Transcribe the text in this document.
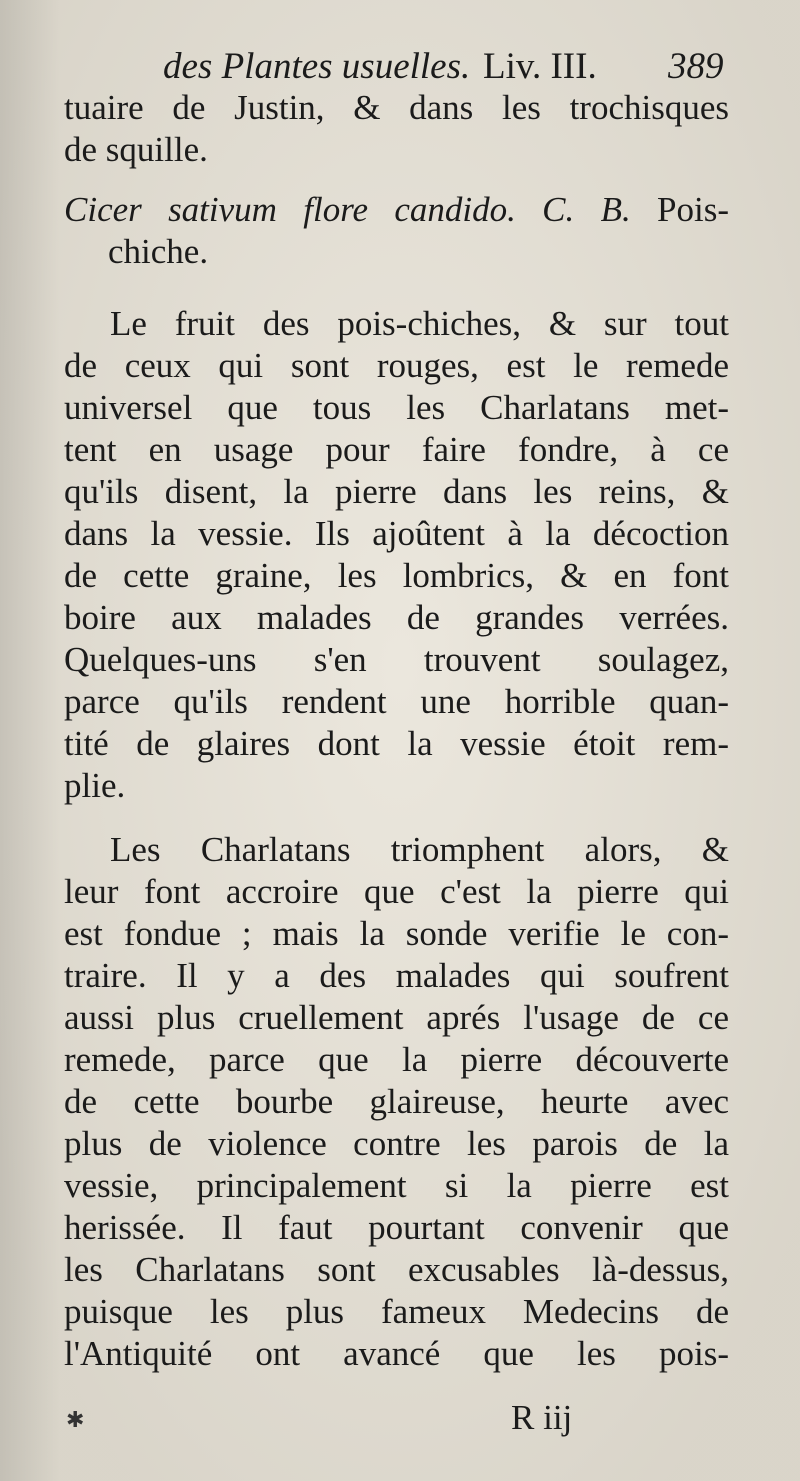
des Plantes usuelles. Liv. III. 389
tuaire de Justin, & dans les trochisques
de squille.
Cicer sativum flore candido. C. B. Pois-
chiche.
Le fruit des pois-chiches, & sur tout
de ceux qui sont rouges, est le remede
universel que tous les Charlatans met-
tent en usage pour faire fondre, à ce
qu'ils disent, la pierre dans les reins, &
dans la vessie. Ils ajoûtent à la décoction
de cette graine, les lombrics, & en font
boire aux malades de grandes verrées.
Quelques-uns s'en trouvent soulagez,
parce qu'ils rendent une horrible quan-
tité de glaires dont la vessie étoit rem-
plie.
Les Charlatans triomphent alors, &
leur font accroire que c'est la pierre qui
est fondue ; mais la sonde verifie le con-
traire. Il y a des malades qui soufrent
aussi plus cruellement aprés l'usage de ce
remede, parce que la pierre découverte
de cette bourbe glaireuse, heurte avec
plus de violence contre les parois de la
vessie, principalement si la pierre est
herissée. Il faut pourtant convenir que
les Charlatans sont excusables là-dessus,
puisque les plus fameux Medecins de
l'Antiquité ont avancé que les pois-
R iij
✱
